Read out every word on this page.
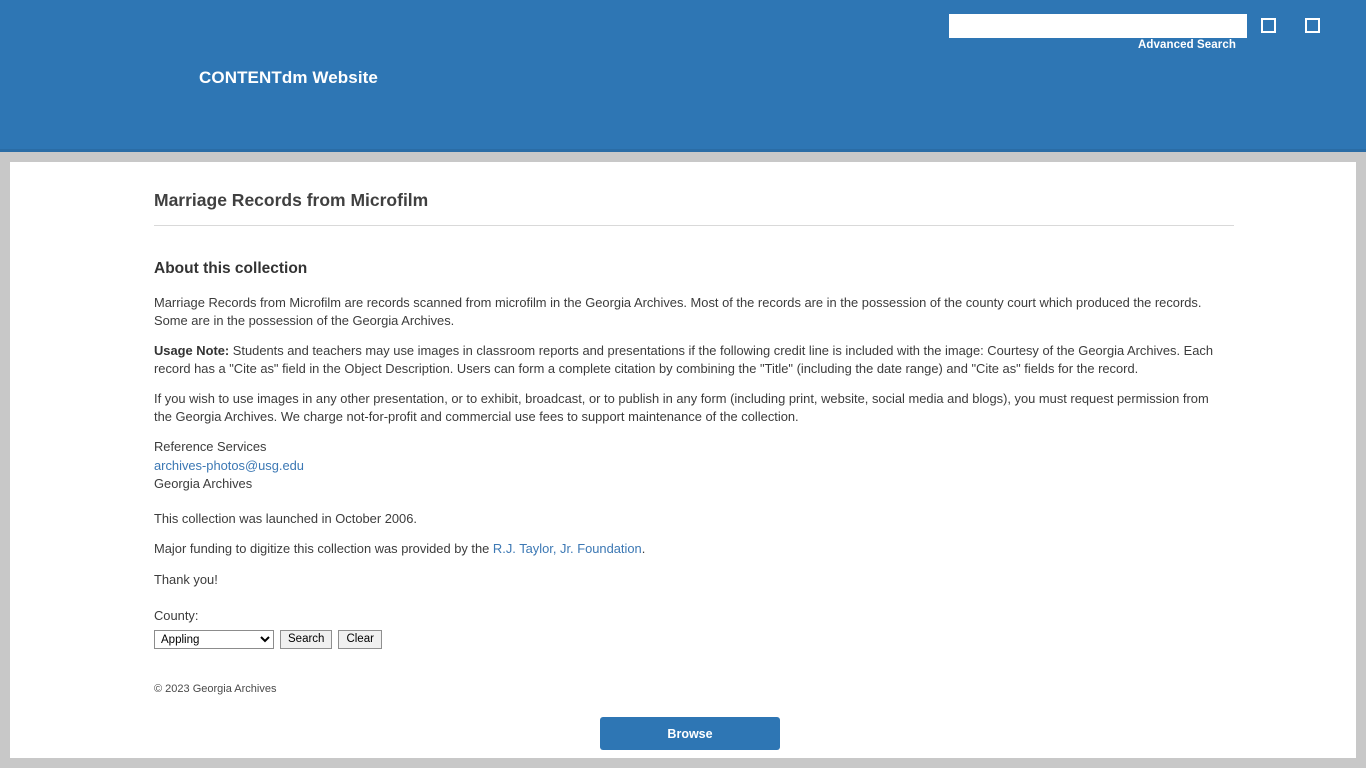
Advanced Search
CONTENTdm Website
Marriage Records from Microfilm
About this collection

Marriage Records from Microfilm are records scanned from microfilm in the Georgia Archives. Most of the records are in the possession of the county court which produced the records. Some are in the possession of the Georgia Archives.

Usage Note: Students and teachers may use images in classroom reports and presentations if the following credit line is included with the image: Courtesy of the Georgia Archives. Each record has a "Cite as" field in the Object Description. Users can form a complete citation by combining the "Title" (including the date range) and "Cite as" fields for the record.

If you wish to use images in any other presentation, or to exhibit, broadcast, or to publish in any form (including print, website, social media and blogs), you must request permission from the Georgia Archives. We charge not-for-profit and commercial use fees to support maintenance of the collection.

Reference Services
archives-photos@usg.edu
Georgia Archives

This collection was launched in October 2006.

Major funding to digitize this collection was provided by the R.J. Taylor, Jr. Foundation.

Thank you!

County:
Appling
Search	Clear
© 2023 Georgia Archives
Browse
